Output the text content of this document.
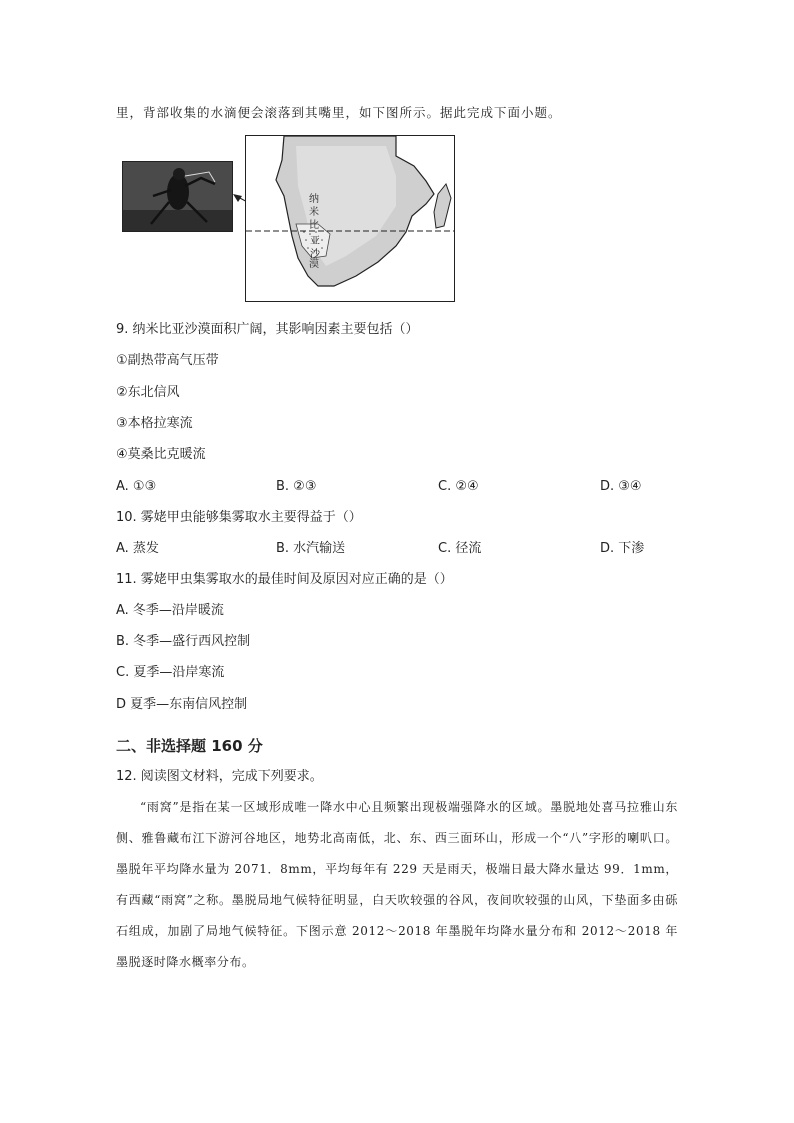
里，背部收集的水滴便会滚落到其嘴里，如下图所示。据此完成下面小题。
纳
米
比
亚
沙
漠
9. 纳米比亚沙漠面积广阔，其影响因素主要包括（）
①副热带高气压带
②东北信风
③本格拉寒流
④莫桑比克暖流
A. ①③	B. ②③	C. ②④	D. ③④
10. 雾姥甲虫能够集雾取水主要得益于（）
A. 蒸发	B. 水汽输送	C. 径流	D. 下渗
11. 雾姥甲虫集雾取水的最佳时间及原因对应正确的是（）
A. 冬季—沿岸暖流
B. 冬季—盛行西风控制
C. 夏季—沿岸寒流
D 夏季—东南信风控制
二、非选择题 160 分
12. 阅读图文材料，完成下列要求。
“雨窝”是指在某一区域形成唯一降水中心且频繁出现极端强降水的区域。墨脱地处喜马拉雅山东侧、雅鲁藏布江下游河谷地区，地势北高南低，北、东、西三面环山，形成一个“八”字形的喇叭口。墨脱年平均降水量为 2071．8mm，平均每年有 229 天是雨天，极端日最大降水量达 99．1mm，有西藏“雨窝”之称。墨脱局地气候特征明显，白天吹较强的谷风，夜间吹较强的山风，下垫面多由砾石组成，加剧了局地气候特征。下图示意 2012～2018 年墨脱年均降水量分布和 2012～2018 年墨脱逐时降水概率分布。
